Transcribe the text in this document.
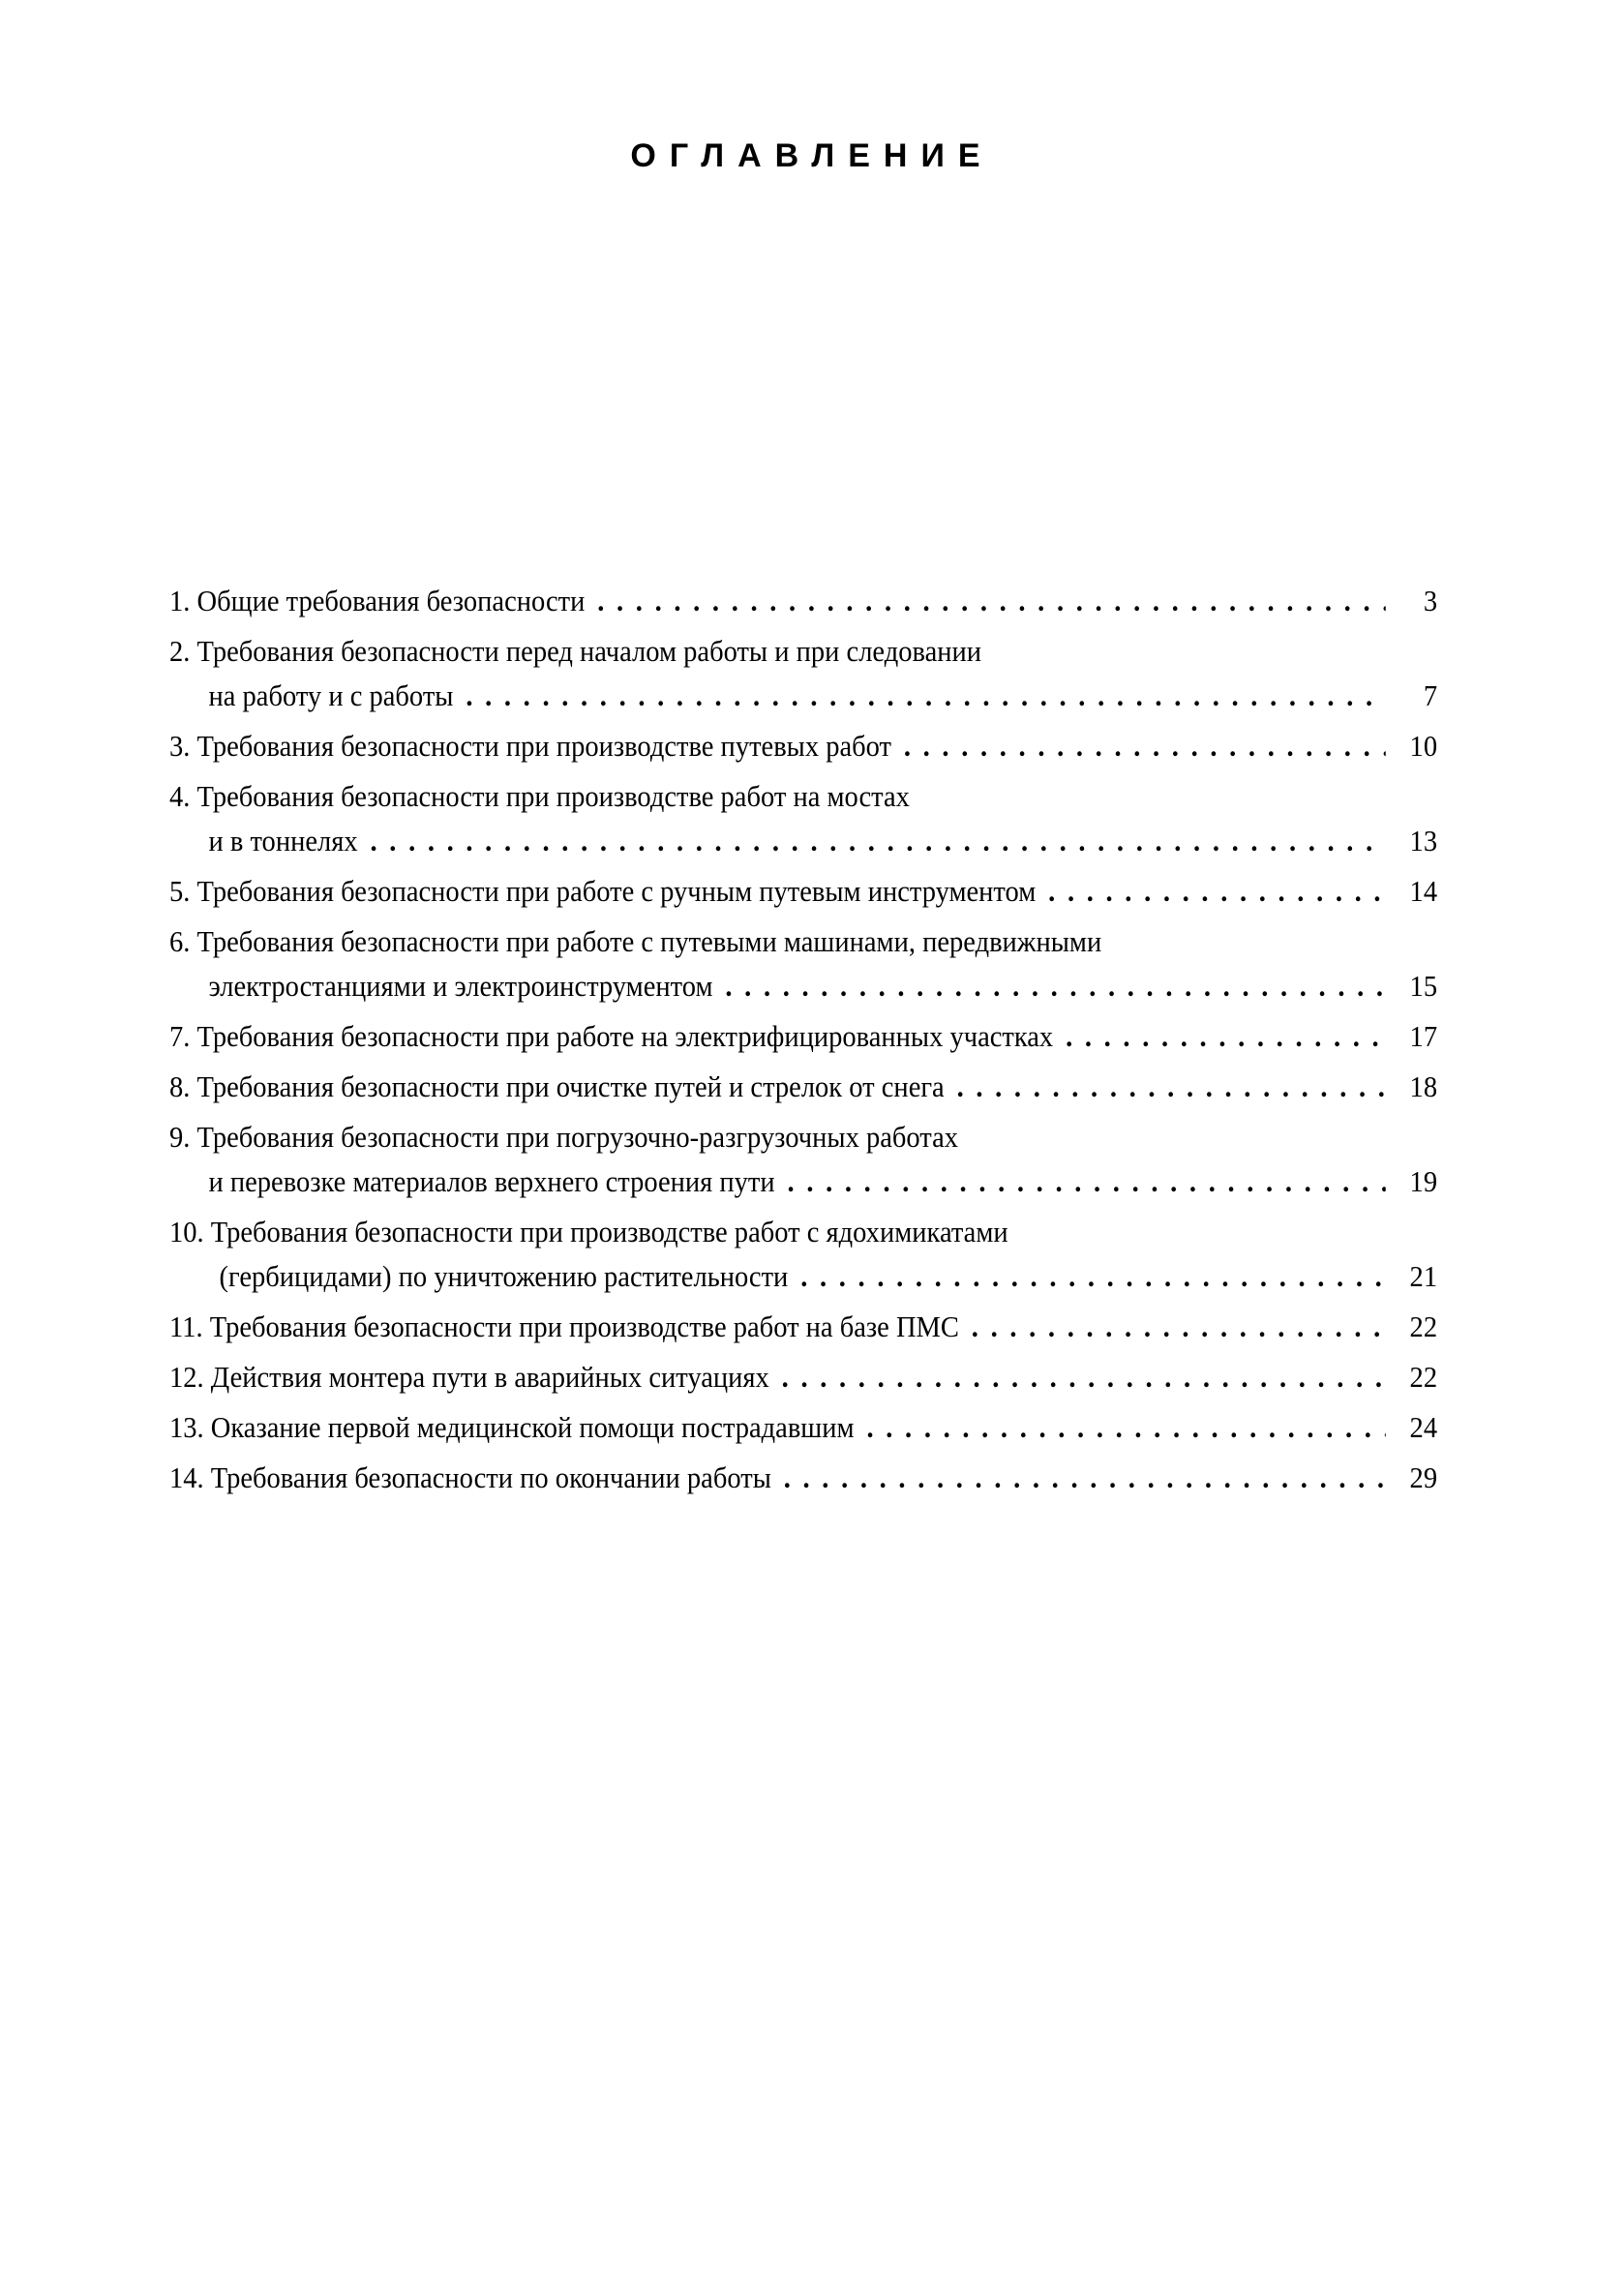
ОГЛАВЛЕНИЕ
1.
Общие требования безопасности . . .	3
2.
Требования безопасности перед началом работы и при следовании
на работу и с работы . . .	7
3.
Требования безопасности при производстве путевых работ . . .	10
4.
Требования безопасности при производстве работ на мостах
и в тоннелях . . .	13
5.
Требования безопасности при работе с ручным путевым инструментом . . .	14
6.
Требования безопасности при работе с путевыми машинами, передвижными
электростанциями и электроинструментом . . .	15
7.
Требования безопасности при работе на электрифицированных участках . . .	17
8.
Требования безопасности при очистке путей и стрелок от снега . . .	18
9.
Требования безопасности при погрузочно-разгрузочных работах
и перевозке материалов верхнего строения пути . . .	19
10.
Требования безопасности при производстве работ с ядохимикатами
(гербицидами) по уничтожению растительности . . .	21
11.
Требования безопасности при производстве работ на базе ПМС . . .	22
12.
Действия монтера пути в аварийных ситуациях . . .	22
13.
Оказание первой медицинской помощи пострадавшим . . .	24
14.
Требования безопасности по окончании работы . . .	29
